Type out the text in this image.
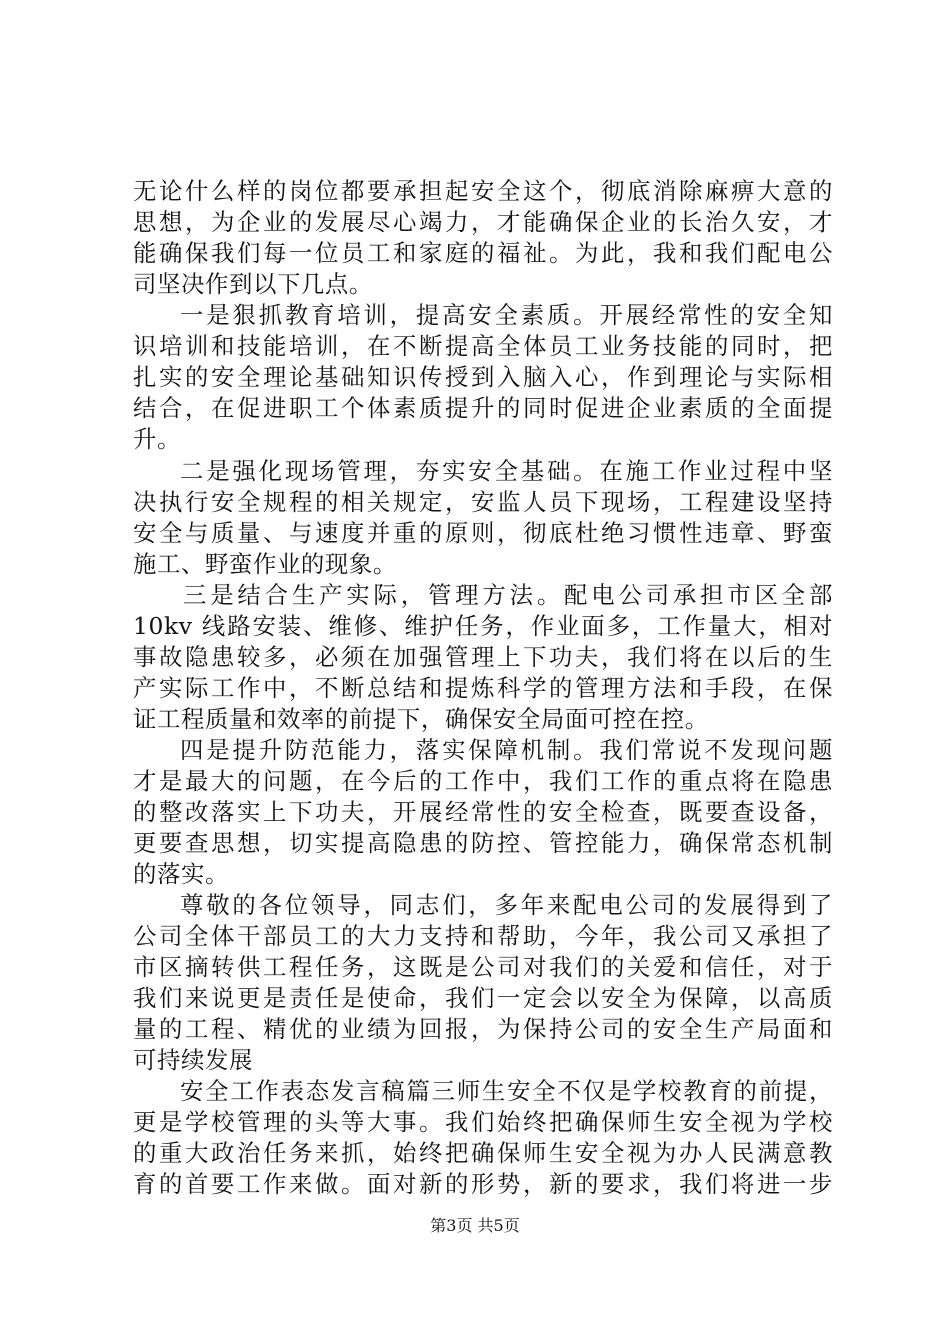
无论什么样的岗位都要承担起安全这个，彻底消除麻痹大意的
思想，为企业的发展尽心竭力，才能确保企业的长治久安，才
能确保我们每一位员工和家庭的福祉。为此，我和我们配电公
司坚决作到以下几点。
一是狠抓教育培训，提高安全素质。开展经常性的安全知
识培训和技能培训，在不断提高全体员工业务技能的同时，把
扎实的安全理论基础知识传授到入脑入心，作到理论与实际相
结合，在促进职工个体素质提升的同时促进企业素质的全面提
升。
二是强化现场管理，夯实安全基础。在施工作业过程中坚
决执行安全规程的相关规定，安监人员下现场，工程建设坚持
安全与质量、与速度并重的原则，彻底杜绝习惯性违章、野蛮
施工、野蛮作业的现象。
三是结合生产实际，管理方法。配电公司承担市区全部
10kv 线路安装、维修、维护任务，作业面多，工作量大，相对
事故隐患较多，必须在加强管理上下功夫，我们将在以后的生
产实际工作中，不断总结和提炼科学的管理方法和手段，在保
证工程质量和效率的前提下，确保安全局面可控在控。
四是提升防范能力，落实保障机制。我们常说不发现问题
才是最大的问题，在今后的工作中，我们工作的重点将在隐患
的整改落实上下功夫，开展经常性的安全检查，既要查设备，
更要查思想，切实提高隐患的防控、管控能力，确保常态机制
的落实。
尊敬的各位领导，同志们，多年来配电公司的发展得到了
公司全体干部员工的大力支持和帮助，今年，我公司又承担了
市区摘转供工程任务，这既是公司对我们的关爱和信任，对于
我们来说更是责任是使命，我们一定会以安全为保障，以高质
量的工程、精优的业绩为回报，为保持公司的安全生产局面和
可持续发展
安全工作表态发言稿篇三师生安全不仅是学校教育的前提，
更是学校管理的头等大事。我们始终把确保师生安全视为学校
的重大政治任务来抓，始终把确保师生安全视为办人民满意教
育的首要工作来做。面对新的形势，新的要求，我们将进一步
第3页 共5页
